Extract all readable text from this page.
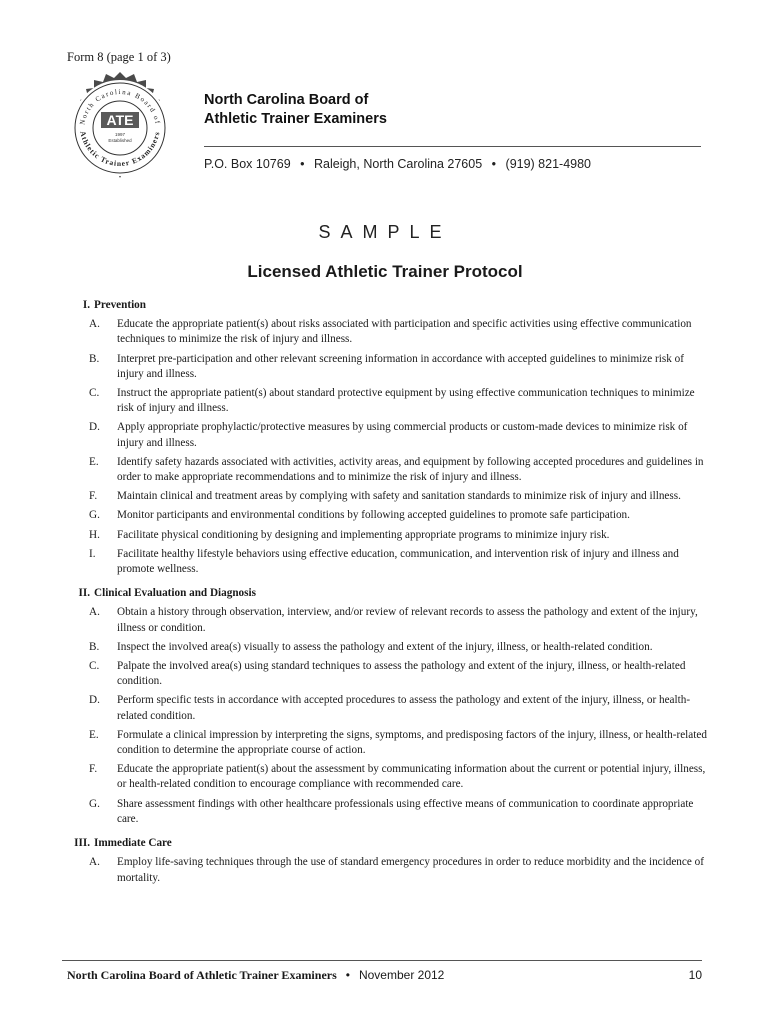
Form 8 (page 1 of 3)
North Carolina Board of
Athletic Trainer Examiners
ATE
1997
Established
North Carolina Board of
Athletic Trainer Examiners
P.O. Box 10769 • Raleigh, North Carolina 27605 • (919) 821-4980
SAMPLE
Licensed Athletic Trainer Protocol
I. Prevention
A.	Educate the appropriate patient(s) about risks associated with participation and specific activities using effective communication techniques to minimize the risk of injury and illness.
B.	Interpret pre-participation and other relevant screening information in accordance with accepted guidelines to minimize risk of injury and illness.
C.	Instruct the appropriate patient(s) about standard protective equipment by using effective communication techniques to minimize risk of injury and illness.
D.	Apply appropriate prophylactic/protective measures by using commercial products or custom-made devices to minimize risk of injury and illness.
E.	Identify safety hazards associated with activities, activity areas, and equipment by following accepted procedures and guidelines in order to make appropriate recommendations and to minimize the risk of injury and illness.
F.	Maintain clinical and treatment areas by complying with safety and sanitation standards to minimize risk of injury and illness.
G.	Monitor participants and environmental conditions by following accepted guidelines to promote safe participation.
H.	Facilitate physical conditioning by designing and implementing appropriate programs to minimize injury risk.
I.	Facilitate healthy lifestyle behaviors using effective education, communication, and intervention risk of injury and illness and promote wellness.
II. Clinical Evaluation and Diagnosis
A.	Obtain a history through observation, interview, and/or review of relevant records to assess the pathology and extent of the injury, illness or condition.
B.	Inspect the involved area(s) visually to assess the pathology and extent of the injury, illness, or health-related condition.
C.	Palpate the involved area(s) using standard techniques to assess the pathology and extent of the injury, illness, or health-related condition.
D.	Perform specific tests in accordance with accepted procedures to assess the pathology and extent of the injury, illness, or health-related condition.
E.	Formulate a clinical impression by interpreting the signs, symptoms, and predisposing factors of the injury, illness, or health-related condition to determine the appropriate course of action.
F.	Educate the appropriate patient(s) about the assessment by communicating information about the current or potential injury, illness, or health-related condition to encourage compliance with recommended care.
G.	Share assessment findings with other healthcare professionals using effective means of communication to coordinate appropriate care.
III. Immediate Care
A.	Employ life-saving techniques through the use of standard emergency procedures in order to reduce morbidity and the incidence of mortality.
North Carolina Board of Athletic Trainer Examiners • November 2012	10
